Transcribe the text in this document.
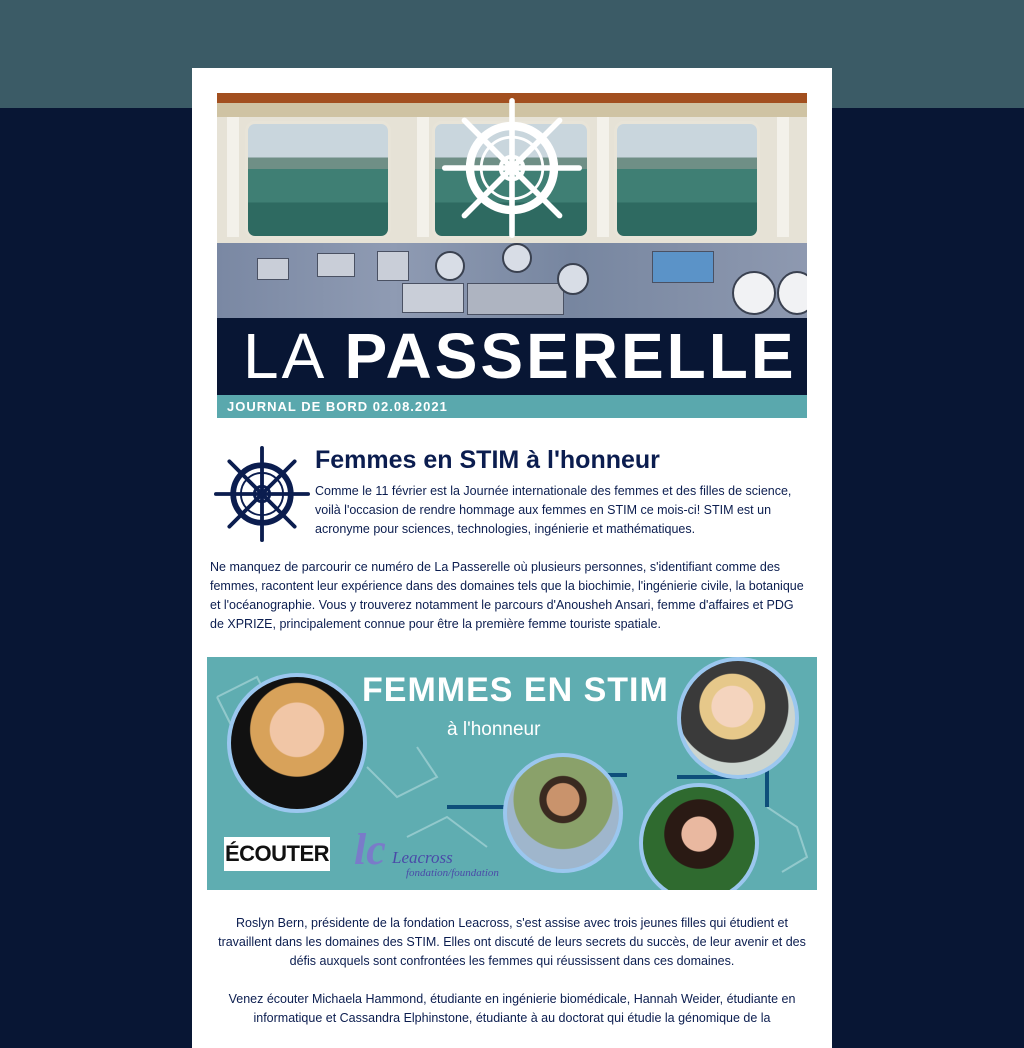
LA PASSERELLE
JOURNAL DE BORD 02.08.2021
Femmes en STIM à l'honneur

Comme le 11 février est la Journée internationale des femmes et des filles de science, voilà l'occasion de rendre hommage aux femmes en STIM ce mois-ci! STIM est un acronyme pour sciences, technologies, ingénierie et mathématiques.

Ne manquez de parcourir ce numéro de La Passerelle où plusieurs personnes, s'identifiant comme des femmes, racontent leur expérience dans des domaines tels que la biochimie, l'ingénierie civile, la botanique et l'océanographie. Vous y trouverez notamment le parcours d'Anousheh Ansari, femme d'affaires et PDG de XPRIZE, principalement connue pour être la première femme touriste spatiale.

FEMMES EN STIM
à l'honneur
ÉCOUTER lc Leacross
fondation/foundation

Roslyn Bern, présidente de la fondation Leacross, s'est assise avec trois jeunes filles qui étudient et travaillent dans les domaines des STIM. Elles ont discuté de leurs secrets du succès, de leur avenir et des défis auxquels sont confrontées les femmes qui réussissent dans ces domaines.

Venez écouter Michaela Hammond, étudiante en ingénierie biomédicale, Hannah Weider, étudiante en informatique et Cassandra Elphinstone, étudiante à au doctorat qui étudie la génomique de la
